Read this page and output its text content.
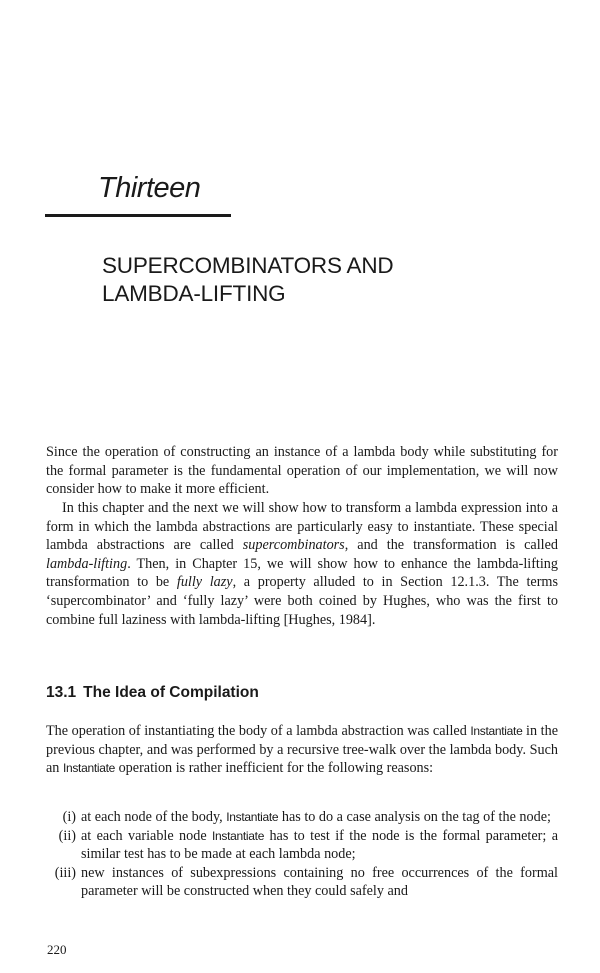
Thirteen
SUPERCOMBINATORS AND
LAMBDA-LIFTING

Since the operation of constructing an instance of a lambda body while substituting for the formal parameter is the fundamental operation of our implementation, we will now consider how to make it more efficient.

In this chapter and the next we will show how to transform a lambda expression into a form in which the lambda abstractions are particularly easy to instantiate. These special lambda abstractions are called supercombinators, and the transformation is called lambda-lifting. Then, in Chapter 15, we will show how to enhance the lambda-lifting transformation to be fully lazy, a property alluded to in Section 12.1.3. The terms ‘supercombinator’ and ‘fully lazy’ were both coined by Hughes, who was the first to combine full laziness with lambda-lifting [Hughes, 1984].

13.1 The Idea of Compilation

The operation of instantiating the body of a lambda abstraction was called Instantiate in the previous chapter, and was performed by a recursive tree-walk over the lambda body. Such an Instantiate operation is rather inefficient for the following reasons:

(i) at each node of the body, Instantiate has to do a case analysis on the tag of the node;
(ii) at each variable node Instantiate has to test if the node is the formal parameter; a similar test has to be made at each lambda node;
(iii) new instances of subexpressions containing no free occurrences of the formal parameter will be constructed when they could safely and
220
